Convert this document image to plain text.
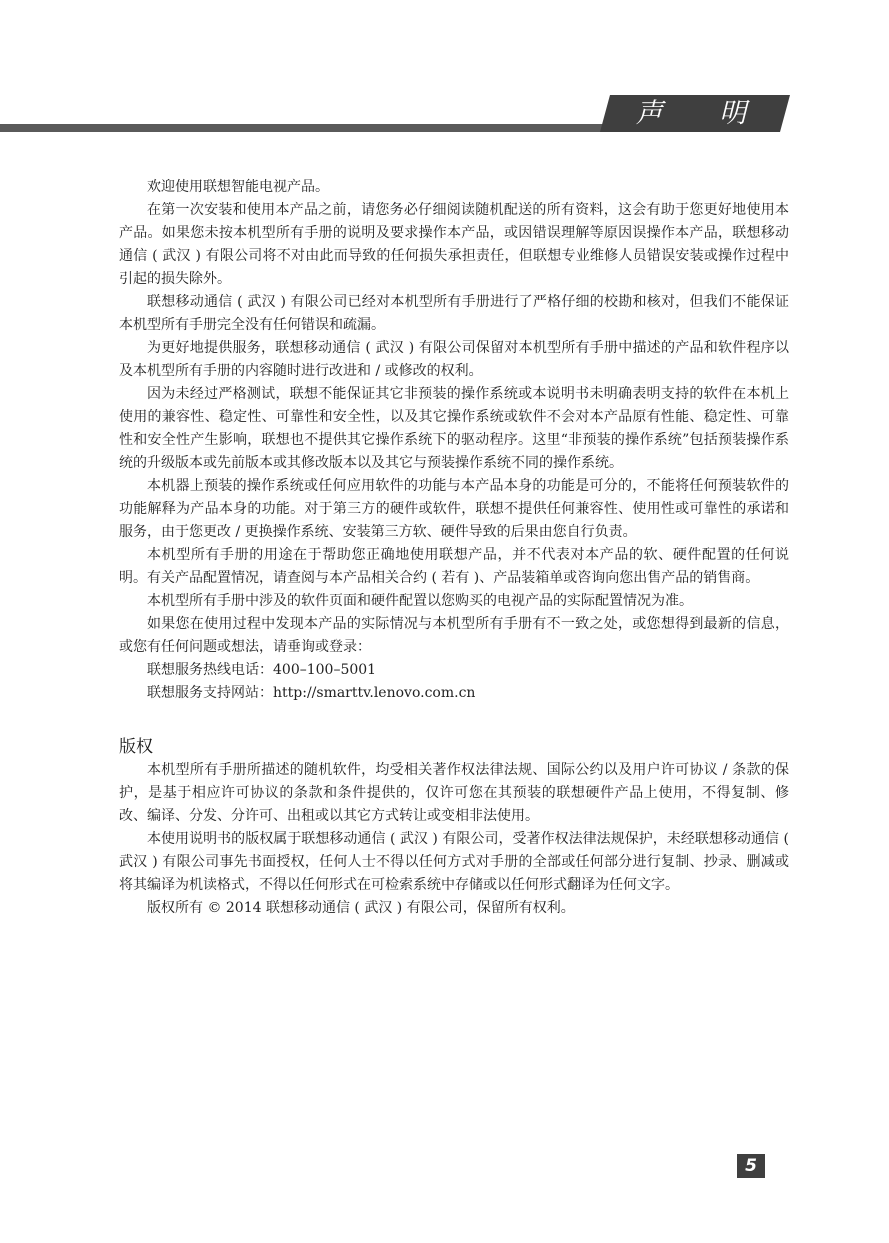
声 明

欢迎使用联想智能电视产品。

在第一次安装和使用本产品之前，请您务必仔细阅读随机配送的所有资料，这会有助于您更好地使用本产品。如果您未按本机型所有手册的说明及要求操作本产品，或因错误理解等原因误操作本产品，联想移动通信 ( 武汉 ) 有限公司将不对由此而导致的任何损失承担责任，但联想专业维修人员错误安装或操作过程中引起的损失除外。

联想移动通信 ( 武汉 ) 有限公司已经对本机型所有手册进行了严格仔细的校勘和核对，但我们不能保证本机型所有手册完全没有任何错误和疏漏。

为更好地提供服务，联想移动通信 ( 武汉 ) 有限公司保留对本机型所有手册中描述的产品和软件程序以及本机型所有手册的内容随时进行改进和 / 或修改的权利。

因为未经过严格测试，联想不能保证其它非预装的操作系统或本说明书未明确表明支持的软件在本机上使用的兼容性、稳定性、可靠性和安全性，以及其它操作系统或软件不会对本产品原有性能、稳定性、可靠性和安全性产生影响，联想也不提供其它操作系统下的驱动程序。这里“非预装的操作系统”包括预装操作系统的升级版本或先前版本或其修改版本以及其它与预装操作系统不同的操作系统。

本机器上预装的操作系统或任何应用软件的功能与本产品本身的功能是可分的，不能将任何预装软件的功能解释为产品本身的功能。对于第三方的硬件或软件，联想不提供任何兼容性、使用性或可靠性的承诺和服务，由于您更改 / 更换操作系统、安装第三方软、硬件导致的后果由您自行负责。

本机型所有手册的用途在于帮助您正确地使用联想产品，并不代表对本产品的软、硬件配置的任何说明。有关产品配置情况，请查阅与本产品相关合约 ( 若有 )、产品装箱单或咨询向您出售产品的销售商。

本机型所有手册中涉及的软件页面和硬件配置以您购买的电视产品的实际配置情况为准。

如果您在使用过程中发现本产品的实际情况与本机型所有手册有不一致之处，或您想得到最新的信息，或您有任何问题或想法，请垂询或登录：

联想服务热线电话：400–100–5001

联想服务支持网站：http://smarttv.lenovo.com.cn

版权

本机型所有手册所描述的随机软件，均受相关著作权法律法规、国际公约以及用户许可协议 / 条款的保护，是基于相应许可协议的条款和条件提供的，仅许可您在其预装的联想硬件产品上使用，不得复制、修改、编译、分发、分许可、出租或以其它方式转让或变相非法使用。

本使用说明书的版权属于联想移动通信 ( 武汉 ) 有限公司，受著作权法律法规保护，未经联想移动通信 ( 武汉 ) 有限公司事先书面授权，任何人士不得以任何方式对手册的全部或任何部分进行复制、抄录、删减或将其编译为机读格式，不得以任何形式在可检索系统中存储或以任何形式翻译为任何文字。

版权所有 © 2014 联想移动通信 ( 武汉 ) 有限公司，保留所有权利。

5
